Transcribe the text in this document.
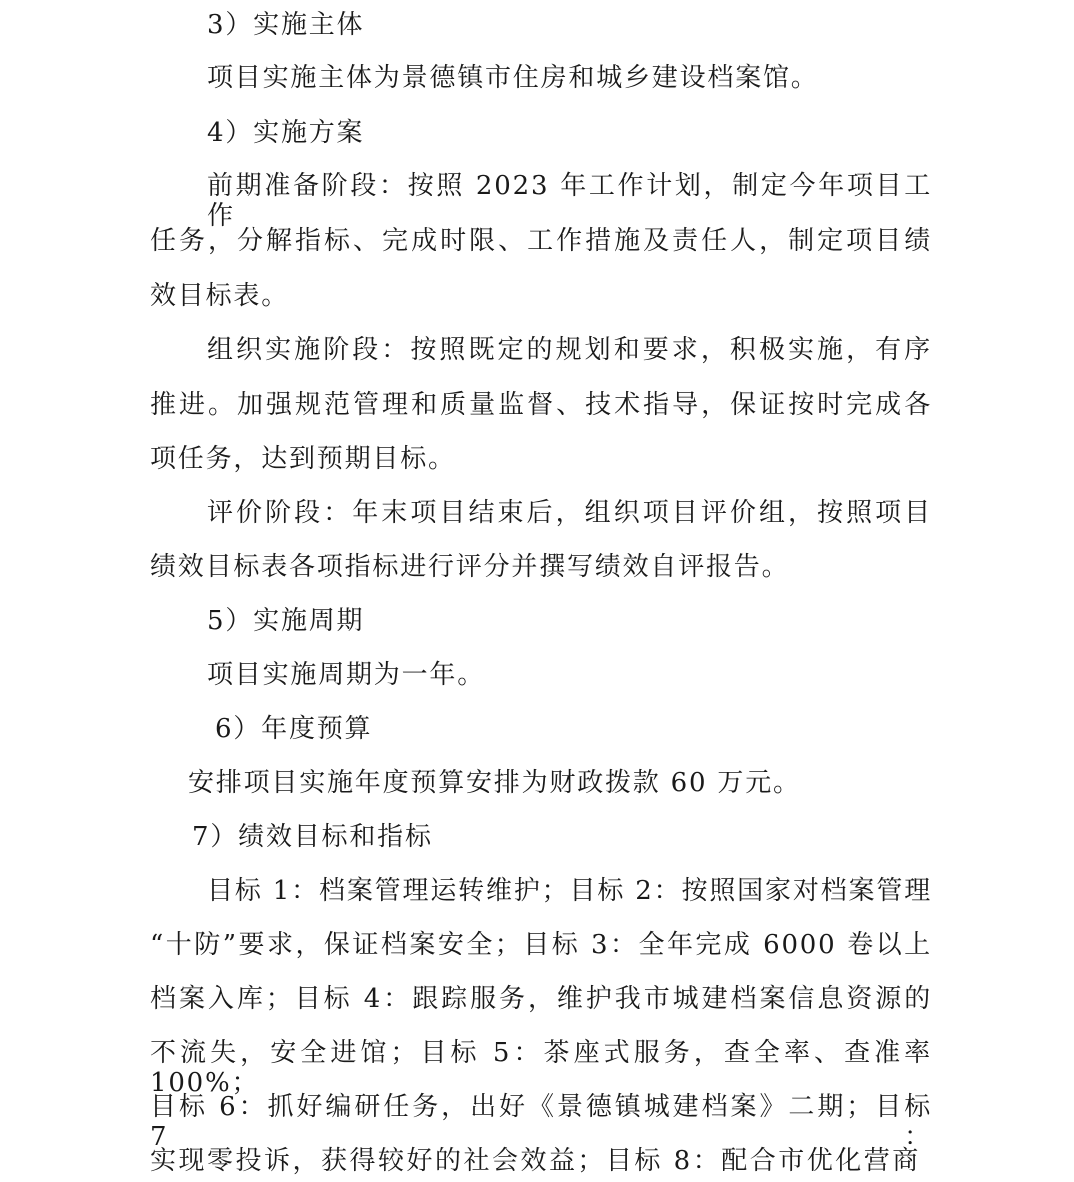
3）实施主体

项目实施主体为景德镇市住房和城乡建设档案馆。

4）实施方案

前期准备阶段：按照 2023 年工作计划，制定今年项目工作

任务，分解指标、完成时限、工作措施及责任人，制定项目绩

效目标表。

组织实施阶段：按照既定的规划和要求，积极实施，有序

推进。加强规范管理和质量监督、技术指导，保证按时完成各

项任务，达到预期目标。

评价阶段：年末项目结束后，组织项目评价组，按照项目

绩效目标表各项指标进行评分并撰写绩效自评报告。

5）实施周期

项目实施周期为一年。

6）年度预算

安排项目实施年度预算安排为财政拨款 60 万元。

7）绩效目标和指标

目标 1：档案管理运转维护；目标 2：按照国家对档案管理

“十防”要求，保证档案安全；目标 3：全年完成 6000 卷以上

档案入库；目标 4：跟踪服务，维护我市城建档案信息资源的

不流失，安全进馆；目标 5：茶座式服务，查全率、查准率 100%；

目标 6：抓好编研任务，出好《景德镇城建档案》二期；目标 7：

实现零投诉，获得较好的社会效益；目标 8：配合市优化营商
